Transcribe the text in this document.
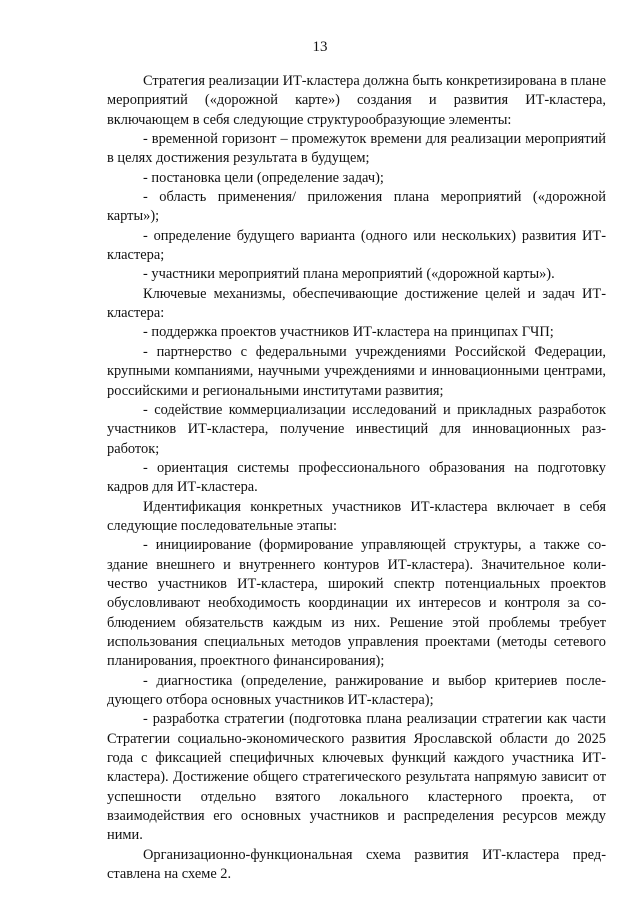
13

Стратегия реализации ИТ-кластера должна быть конкретизирована в плане мероприятий («дорожной карте») создания и развития ИТ-кластера, включающем в себя следующие структурообразующие элементы:

- временной горизонт – промежуток времени для реализации мероприятий в целях достижения результата в будущем;

- постановка цели (определение задач);

- область применения/ приложения плана мероприятий («дорожной карты»);

- определение будущего варианта (одного или нескольких) развития ИТ-кластера;

- участники мероприятий плана мероприятий («дорожной карты»).

Ключевые механизмы, обеспечивающие достижение целей и задач ИТ-кластера:

- поддержка проектов участников ИТ-кластера на принципах ГЧП;

- партнерство с федеральными учреждениями Российской Федерации, крупными компаниями, научными учреждениями и инновационными центрами, российскими и региональными институтами развития;

- содействие коммерциализации исследований и прикладных разработок участников ИТ-кластера, получение инвестиций для инновационных разработок;

- ориентация системы профессионального образования на подготовку кадров для ИТ-кластера.

Идентификация конкретных участников ИТ-кластера включает в себя следующие последовательные этапы:

- инициирование (формирование управляющей структуры, а также создание внешнего и внутреннего контуров ИТ-кластера). Значительное количество участников ИТ-кластера, широкий спектр потенциальных проектов обусловливают необходимость координации их интересов и контроля за соблюдением обязательств каждым из них. Решение этой проблемы требует использования специальных методов управления проектами (методы сетевого планирования, проектного финансирования);

- диагностика (определение, ранжирование и выбор критериев последующего отбора основных участников ИТ-кластера);

- разработка стратегии (подготовка плана реализации стратегии как части Стратегии социально-экономического развития Ярославской области до 2025 года с фиксацией специфичных ключевых функций каждого участника ИТ-кластера). Достижение общего стратегического результата напрямую зависит от успешности отдельно взятого локального кластерного проекта, от взаимодействия его основных участников и распределения ресурсов между ними.

Организационно-функциональная схема развития ИТ-кластера представлена на схеме 2.
